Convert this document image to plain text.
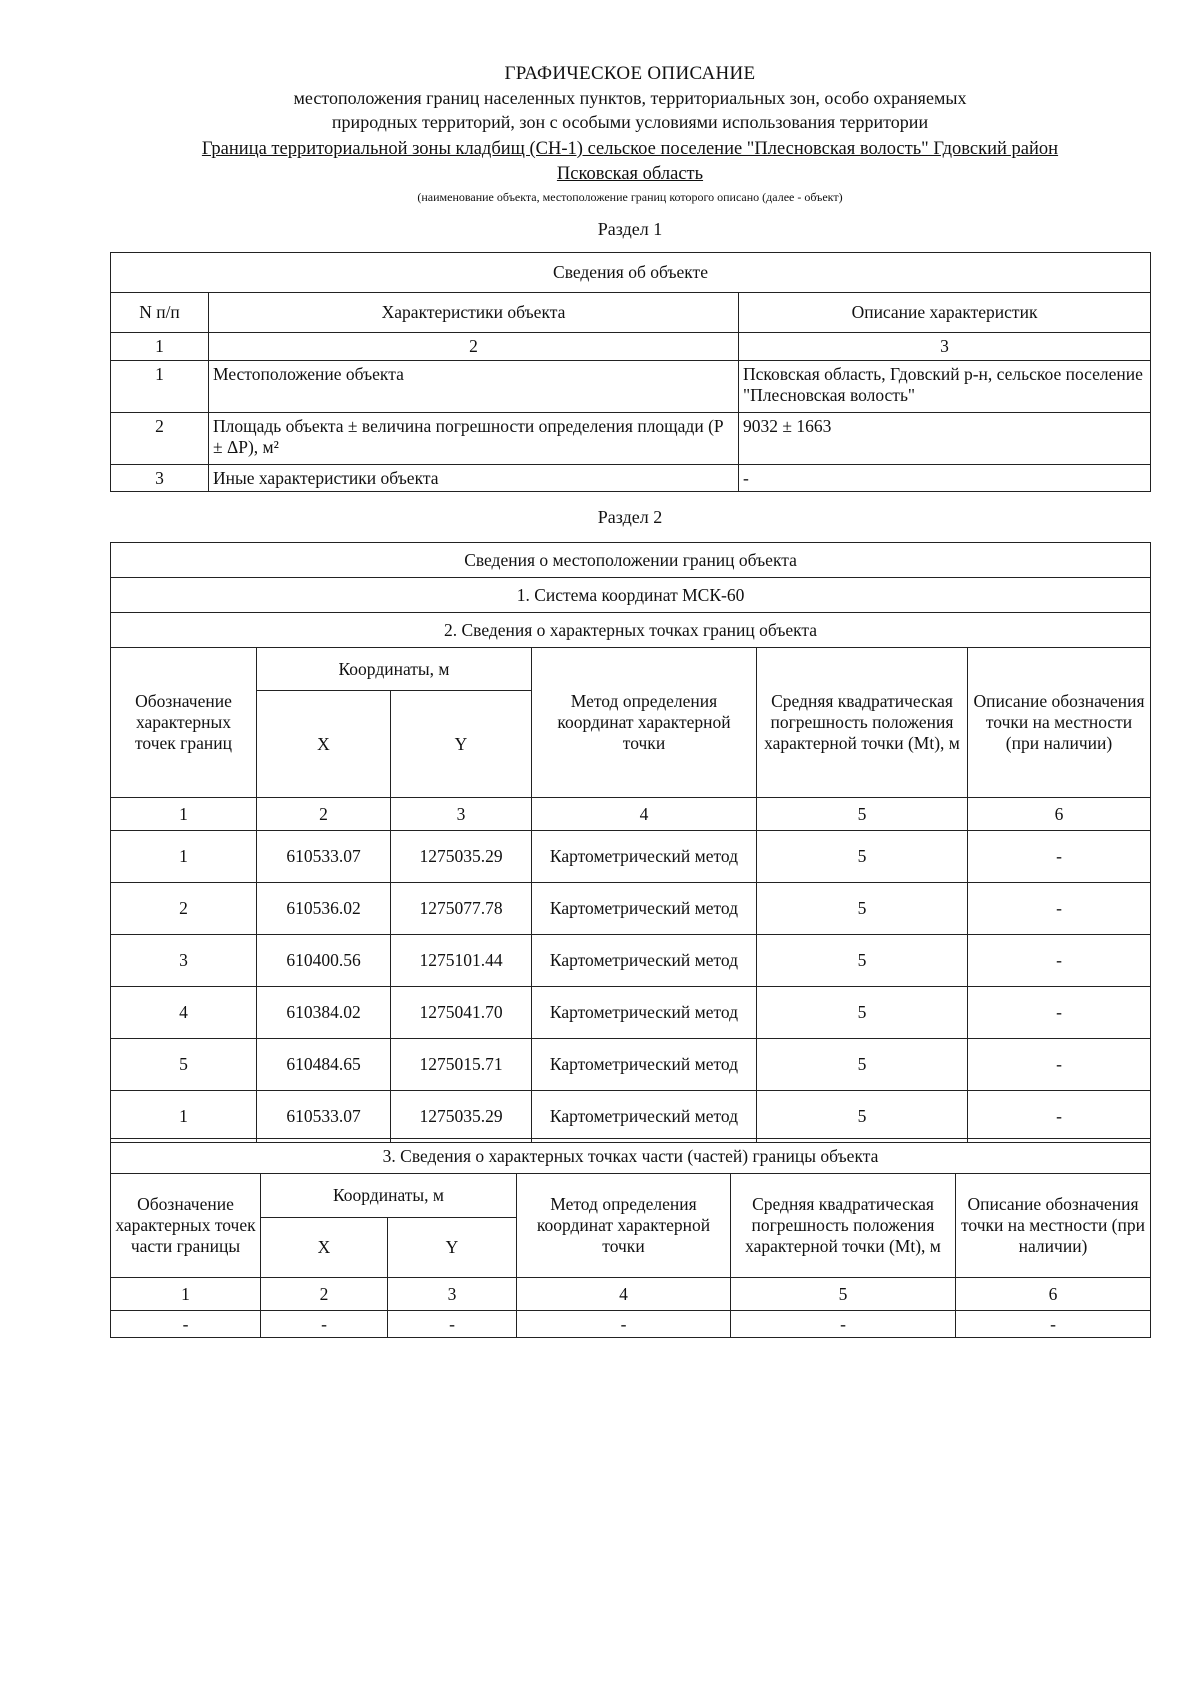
ГРАФИЧЕСКОЕ ОПИСАНИЕ
местоположения границ населенных пунктов, территориальных зон, особо охраняемых
природных территорий, зон с особыми условиями использования территории
Граница территориальной зоны кладбищ (СН-1) сельское поселение "Плесновская волость" Гдовский район
Псковская область
(наименование объекта, местоположение границ которого описано (далее - объект)
Раздел 1
Сведения об объекте		
N п/п	Характеристики объекта	Описание характеристик
1	2	3
1	Местоположение объекта	Псковская область, Гдовский р-н, сельское поселение "Плесновская волость"
2	Площадь объекта ± величина погрешности определения площади (P ± ΔP), м²	9032 ± 1663
3	Иные характеристики объекта	-
Раздел 2
Сведения о местоположении границ объекта					
1. Система координат МСК-60					
2. Сведения о характерных точках границ объекта					
Обозначение характерных точек границ	Координаты, м		Метод определения координат характерной точки	Средняя квадратическая погрешность положения характерной точки (Mt), м	Описание обозначения точки на местности (при наличии)
	X	Y			
1	2	3	4	5	6
1	610533.07	1275035.29	Картометрический метод	5	-
2	610536.02	1275077.78	Картометрический метод	5	-
3	610400.56	1275101.44	Картометрический метод	5	-
4	610384.02	1275041.70	Картометрический метод	5	-
5	610484.65	1275015.71	Картометрический метод	5	-
1	610533.07	1275035.29	Картометрический метод	5	-
3. Сведения о характерных точках части (частей) границы объекта					
Обозначение характерных точек части границы	Координаты, м		Метод определения координат характерной точки	Средняя квадратическая погрешность положения характерной точки (Mt), м	Описание обозначения точки на местности (при наличии)
	X	Y			
1	2	3	4	5	6
-	-	-	-	-	-
